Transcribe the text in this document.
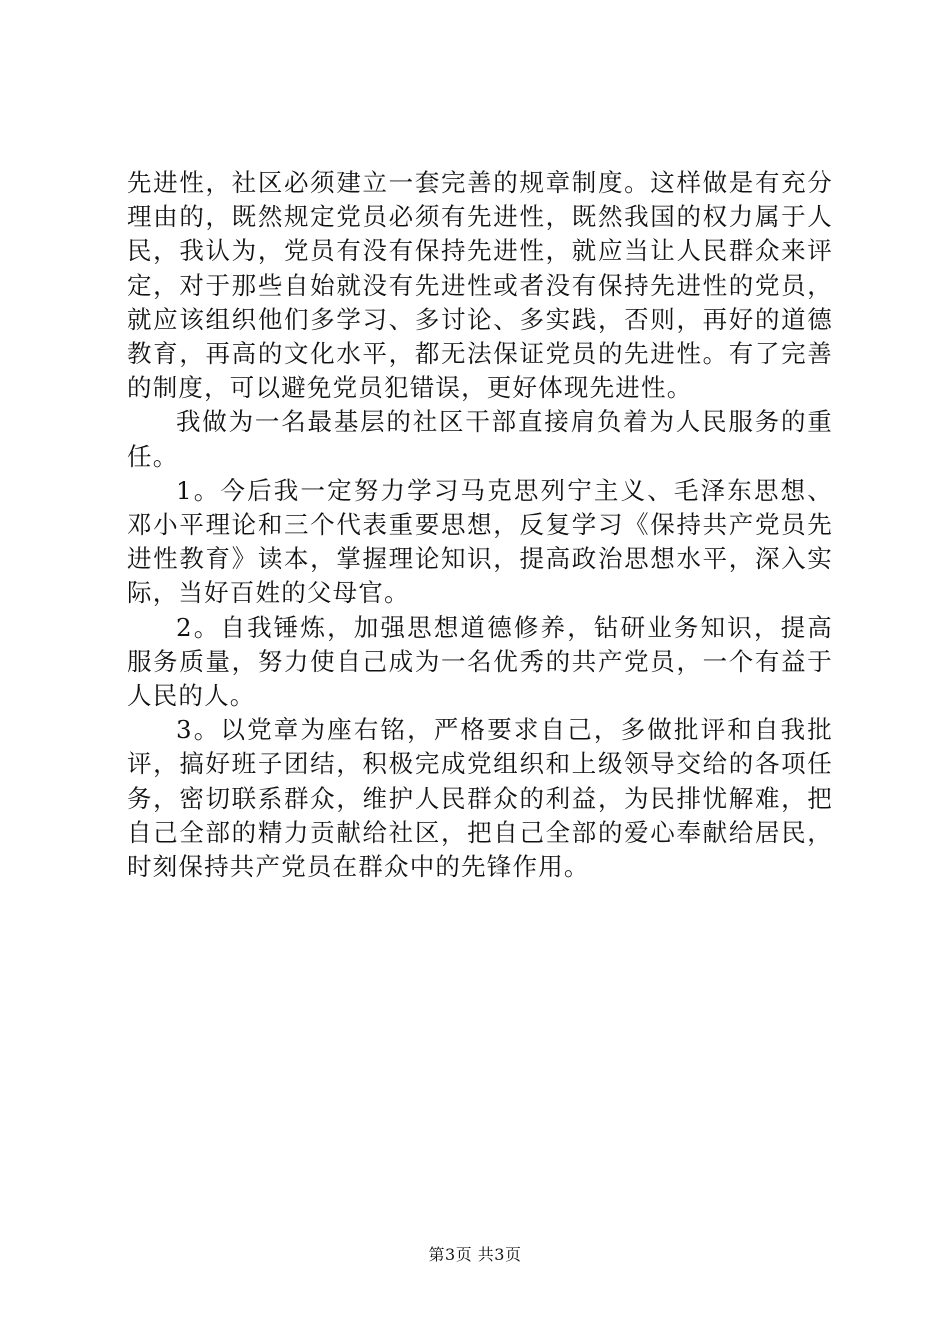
先进性，社区必须建立一套完善的规章制度。这样做是有充分理由的，既然规定党员必须有先进性，既然我国的权力属于人民，我认为，党员有没有保持先进性，就应当让人民群众来评定，对于那些自始就没有先进性或者没有保持先进性的党员，就应该组织他们多学习、多讨论、多实践，否则，再好的道德教育，再高的文化水平，都无法保证党员的先进性。有了完善的制度，可以避免党员犯错误，更好体现先进性。

我做为一名最基层的社区干部直接肩负着为人民服务的重任。

1。今后我一定努力学习马克思列宁主义、毛泽东思想、邓小平理论和三个代表重要思想，反复学习《保持共产党员先进性教育》读本，掌握理论知识，提高政治思想水平，深入实际，当好百姓的父母官。

2。自我锤炼，加强思想道德修养，钻研业务知识，提高服务质量，努力使自己成为一名优秀的共产党员，一个有益于人民的人。

3。以党章为座右铭，严格要求自己，多做批评和自我批评，搞好班子团结，积极完成党组织和上级领导交给的各项任务，密切联系群众，维护人民群众的利益，为民排忧解难，把自己全部的精力贡献给社区，把自己全部的爱心奉献给居民，时刻保持共产党员在群众中的先锋作用。

第3页 共3页
